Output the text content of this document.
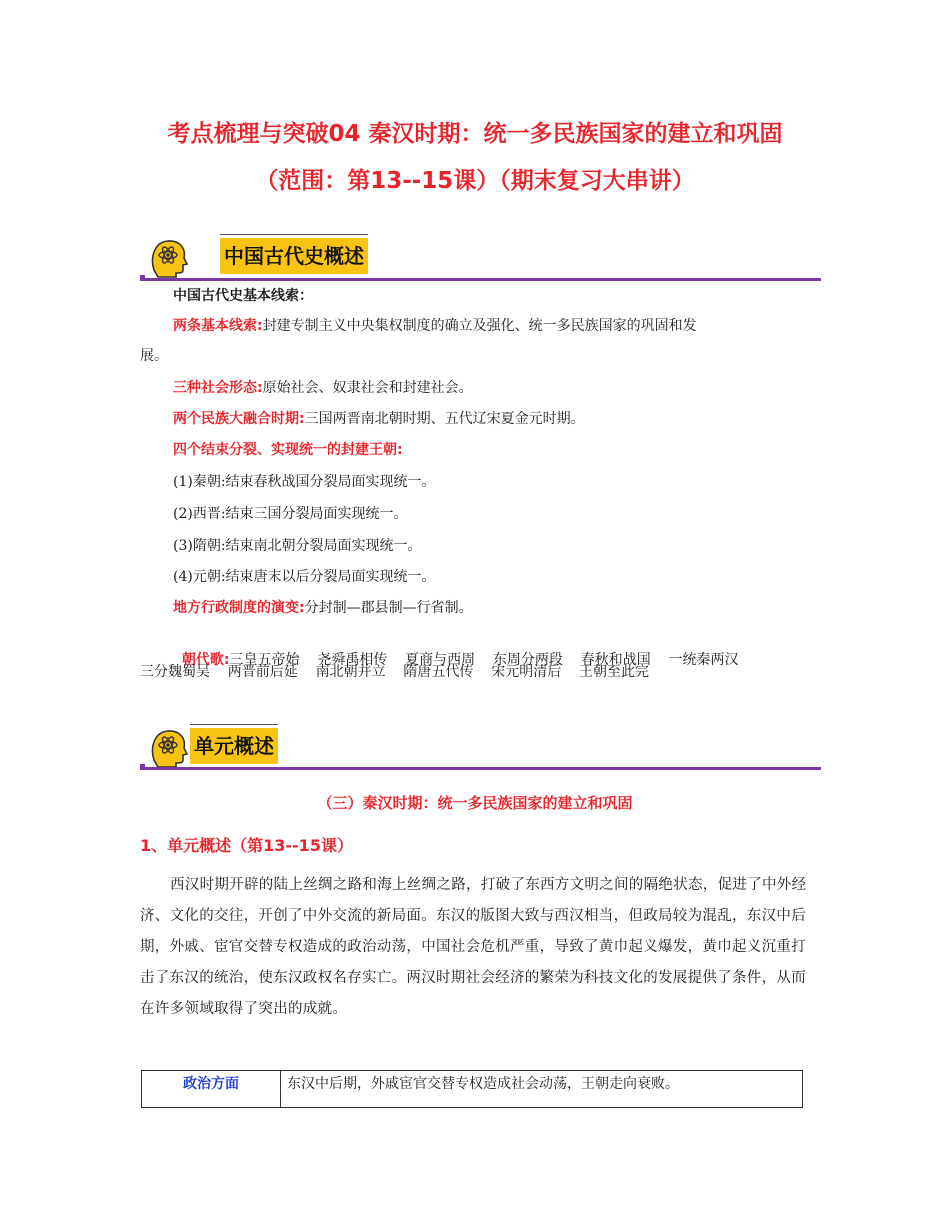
考点梳理与突破04 秦汉时期：统一多民族国家的建立和巩固
（范围：第13--15课）（期末复习大串讲）
中国古代史概述
中国古代史基本线索：
两条基本线索:封建专制主义中央集权制度的确立及强化、统一多民族国家的巩固和发
展。
三种社会形态:原始社会、奴隶社会和封建社会。
两个民族大融合时期:三国两晋南北朝时期、五代辽宋夏金元时期。
四个结束分裂、实现统一的封建王朝:
(1)秦朝:结束春秋战国分裂局面实现统一。
(2)西晋:结束三国分裂局面实现统一。
(3)隋朝:结束南北朝分裂局面实现统一。
(4)元朝:结束唐末以后分裂局面实现统一。
地方行政制度的演变:分封制—郡县制—行省制。

朝代歌:三皇五帝始    尧舜禹相传    夏商与西周    东周分两段    春秋和战国    一统秦两汉

三分魏蜀吴    两晋前后延    南北朝并立    隋唐五代传    宋元明清后    王朝至此完
单元概述
（三）秦汉时期：统一多民族国家的建立和巩固
1、单元概述（第13--15课）
西汉时期开辟的陆上丝绸之路和海上丝绸之路，打破了东西方文明之间的隔绝状态，促进了中外经济、文化的交往，开创了中外交流的新局面。东汉的版图大致与西汉相当，但政局较为混乱，东汉中后期，外戚、宦官交替专权造成的政治动荡，中国社会危机严重，导致了黄巾起义爆发，黄巾起义沉重打击了东汉的统治，使东汉政权名存实亡。两汉时期社会经济的繁荣为科技文化的发展提供了条件，从而在许多领域取得了突出的成就。
政治方面	东汉中后期，外戚宦官交替专权造成社会动荡，王朝走向衰败。
